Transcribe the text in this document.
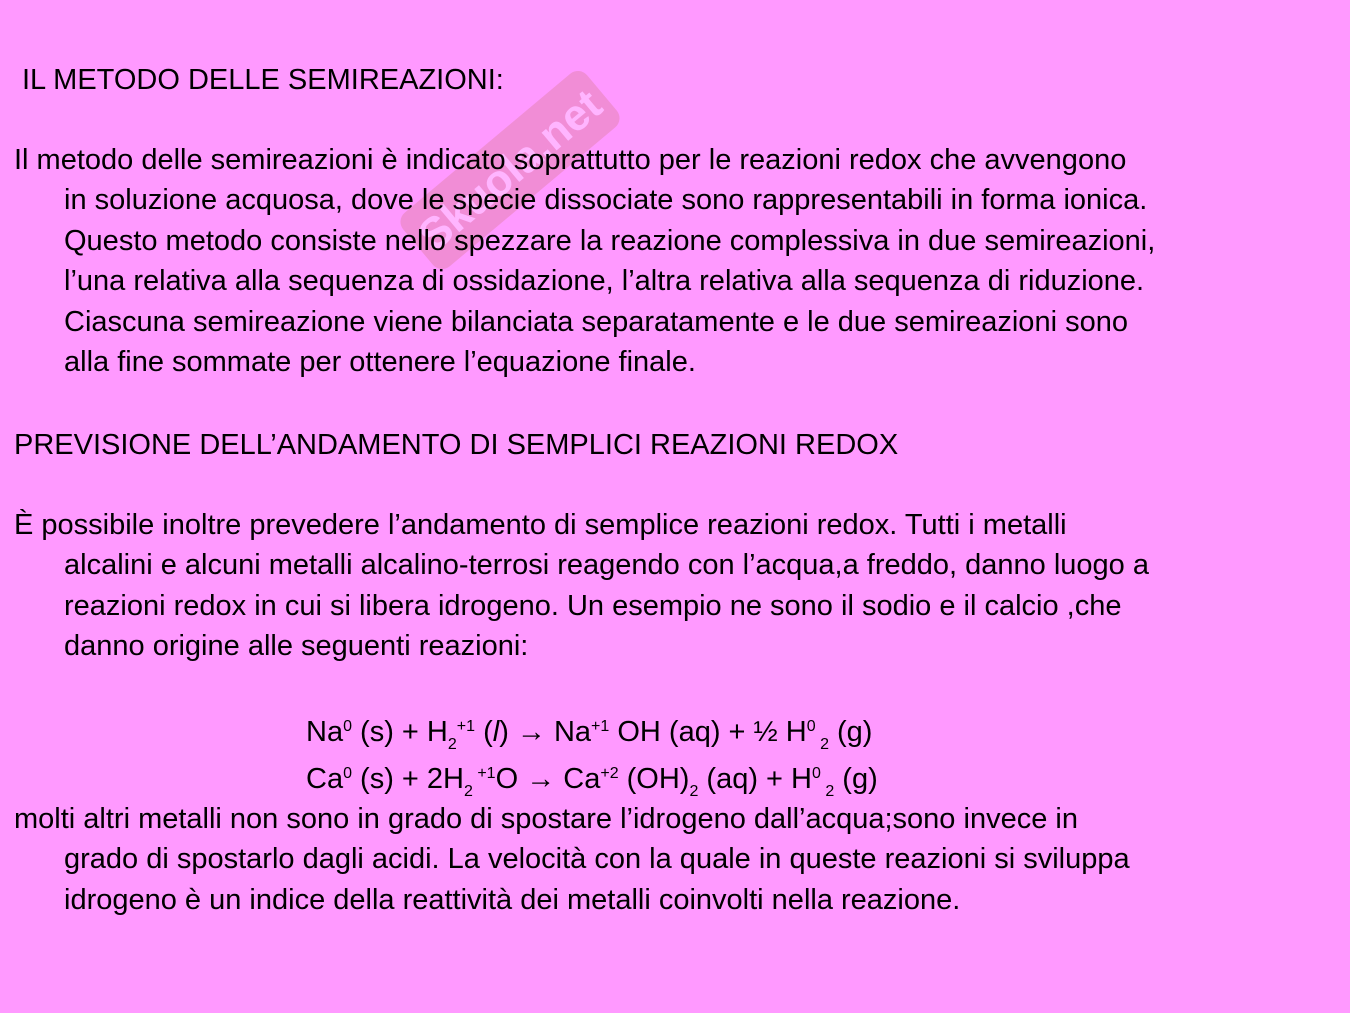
Skuola.net
IL METODO DELLE SEMIREAZIONI:
Il metodo delle semireazioni è indicato soprattutto per le reazioni redox che avvengono
in soluzione acquosa, dove le specie dissociate sono rappresentabili in forma ionica.
Questo metodo consiste nello spezzare la reazione complessiva in due semireazioni,
l’una relativa alla sequenza di ossidazione, l’altra relativa alla sequenza di riduzione.
Ciascuna semireazione viene bilanciata separatamente e le due semireazioni sono
alla fine sommate per ottenere l’equazione finale.
PREVISIONE DELL’ANDAMENTO DI SEMPLICI REAZIONI REDOX
È possibile inoltre prevedere l’andamento di semplice reazioni redox. Tutti i metalli
alcalini e alcuni metalli alcalino-terrosi reagendo con l’acqua,a freddo, danno luogo a
reazioni redox in cui si libera idrogeno. Un esempio ne sono il sodio e il calcio ,che
danno origine alle seguenti reazioni:
Na$^0$ $(s) + H_2^{+1}$ $(l) \to Na^{+1}$ OH (aq) + ½ $H^0$ $_2$ (g)
Ca$^0$ $(s) + 2H_2$ $^{+1}O \to Ca^{+2}$ $(OH)_2$ $(aq) + H^0$ $_2$ (g)
molti altri metalli non sono in grado di spostare l’idrogeno dall’acqua;sono invece in
grado di spostarlo dagli acidi. La velocità con la quale in queste reazioni si sviluppa
idrogeno è un indice della reattività dei metalli coinvolti nella reazione.
